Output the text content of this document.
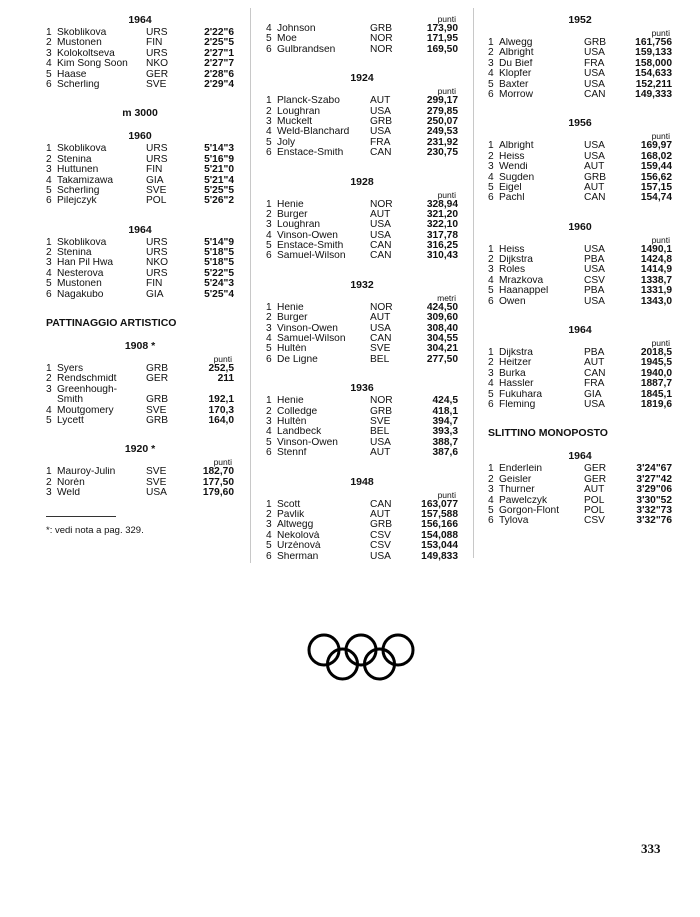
1964
1 Skoblikova	URS	2'22"6
2 Mustonen	FIN	2'25"5
3 Kolokoltseva	URS	2'27"1
4 Kim Song Soon	NKO	2'27"7
5 Haase	GER	2'28"6
6 Scherling	SVE	2'29"4
m 3000
1960
1 Skoblikova	URS	5'14"3
2 Stenina	URS	5'16"9
3 Huttunen	FIN	5'21"0
4 Takamizawa	GIA	5'21"4
5 Scherling	SVE	5'25"5
6 Pilejczyk	POL	5'26"2
1964
1 Skoblikova	URS	5'14"9
2 Stenina	URS	5'18"5
3 Han Pil Hwa	NKO	5'18"5
4 Nesterova	URS	5'22"5
5 Mustonen	FIN	5'24"3
6 Nagakubo	GIA	5'25"4
PATTINAGGIO ARTISTICO
1908 *
punti
1 Syers	GRB	252,5
2 Rendschmidt	GER	211
3 Greenhough-
Smith	GRB	192,1
4 Moutgomery	SVE	170,3
5 Lycett	GRB	164,0
1920 *
punti
1 Mauroy-Julin	SVE	182,70
2 Norén	SVE	177,50
3 Weld	USA	179,60
*: vedi nota a pag. 329.
punti
4 Johnson	GRB	173,90
5 Moe	NOR	171,95
6 Gulbrandsen	NOR	169,50
1924
punti
1 Planck-Szabo	AUT	299,17
2 Loughran	USA	279,85
3 Muckelt	GRB	250,07
4 Weld-Blanchard	USA	249,53
5 Joly	FRA	231,92
6 Enstace-Smith	CAN	230,75
1928
punti
1 Henie	NOR	328,94
2 Burger	AUT	321,20
3 Loughran	USA	322,10
4 Vinson-Owen	USA	317,78
5 Enstace-Smith	CAN	316,25
6 Samuel-Wilson	CAN	310,43
1932
metri
1 Henie	NOR	424,50
2 Burger	AUT	309,60
3 Vinson-Owen	USA	308,40
4 Samuel-Wilson	CAN	304,55
5 Hultén	SVE	304,21
6 De Ligne	BEL	277,50
1936
1 Henie	NOR	424,5
2 Colledge	GRB	418,1
3 Hultén	SVE	394,7
4 Landbeck	BEL	393,3
5 Vinson-Owen	USA	388,7
6 Stennf	AUT	387,6
1948
punti
1 Scott	CAN	163,077
2 Pavlik	AUT	157,588
3 Altwegg	GRB	156,166
4 Nekolová	CSV	154,088
5 Urzénová	CSV	153,044
6 Sherman	USA	149,833
1952
punti
1 Alwegg	GRB	161,756
2 Albright	USA	159,133
3 Du Bief	FRA	158,000
4 Klopfer	USA	154,633
5 Baxter	USA	152,211
6 Morrow	CAN	149,333
1956
punti
1 Albright	USA	169,97
2 Heiss	USA	168,02
3 Wendi	AUT	159,44
4 Sugden	GRB	156,62
5 Eigel	AUT	157,15
6 Pachl	CAN	154,74
1960
punti
1 Heiss	USA	1490,1
2 Dijkstra	PBA	1424,8
3 Roles	USA	1414,9
4 Mrazkova	CSV	1338,7
5 Haanappel	PBA	1331,9
6 Owen	USA	1343,0
1964
punti
1 Dijkstra	PBA	2018,5
2 Heitzer	AUT	1945,5
3 Burka	CAN	1940,0
4 Hassler	FRA	1887,7
5 Fukuhara	GIA	1845,1
6 Fleming	USA	1819,6
SLITTINO MONOPOSTO
1964
1 Enderlein	GER	3'24"67
2 Geisler	GER	3'27"42
3 Thurner	AUT	3'29"06
4 Pawelczyk	POL	3'30"52
5 Gorgon-Flont	POL	3'32"73
6 Tylova	CSV	3'32"76
333
